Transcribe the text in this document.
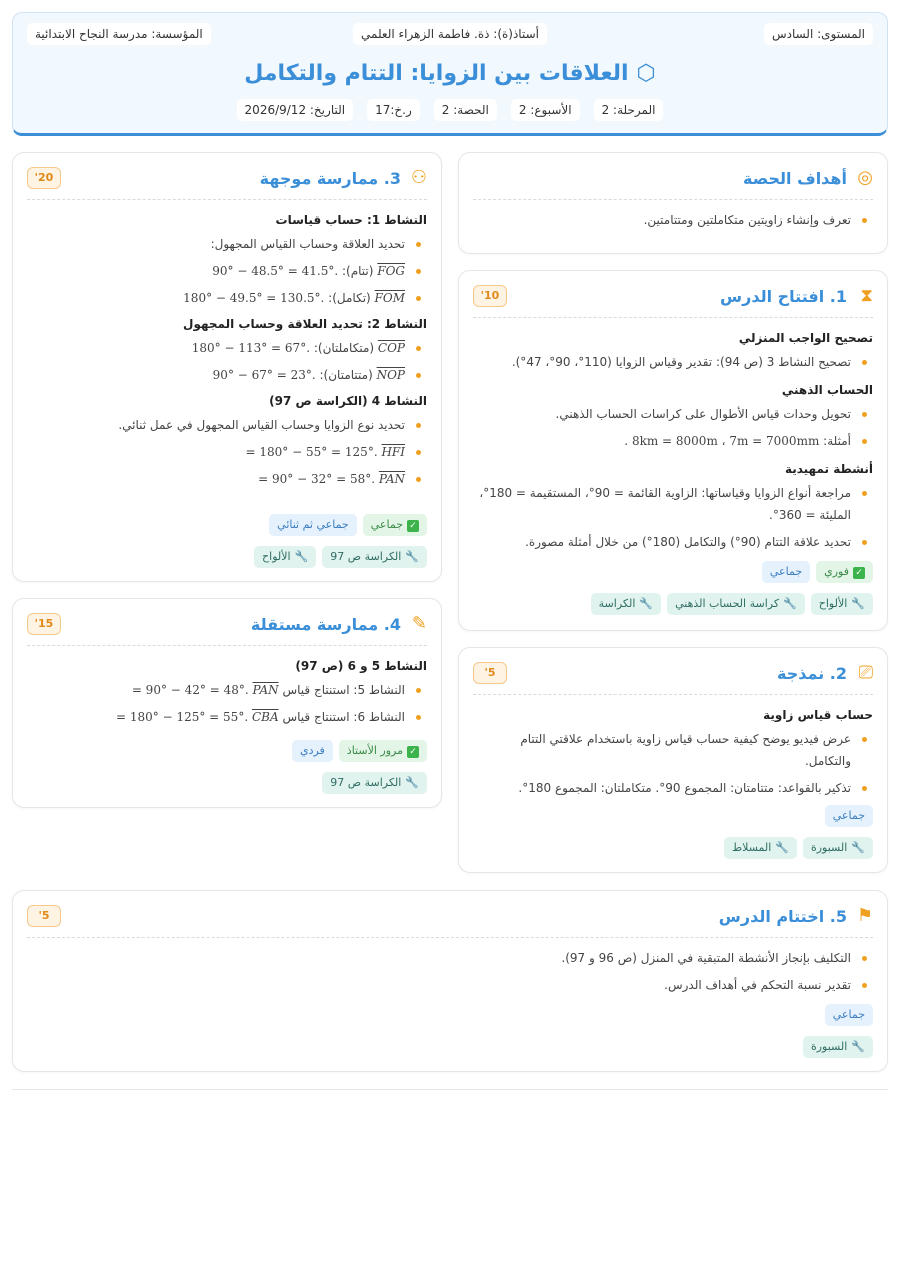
المستوى: السادس
أستاذ(ة): ذة. فاطمة الزهراء العلمي
المؤسسة: مدرسة النجاح الابتدائية
⬡العلاقات بين الزوايا: التتام والتكامل
المرحلة: 2
الأسبوع: 2
الحصة: 2
ر.خ:17
التاريخ: 2026/9/12
◎
أهداف الحصة
تعرف وإنشاء زاويتين متكاملتين ومتتامتين.
⧗
1. افتتاح الدرس
10'
تصحيح الواجب المنزلي
تصحيح النشاط 3 (ص 94): تقدير وقياس الزوايا (110°، 90°، 47°).
الحساب الذهني
تحويل وحدات قياس الأطوال على كراسات الحساب الذهني.
أمثلة: 8km = 8000m ، 7m = 7000mm .
أنشطة تمهيدية
مراجعة أنواع الزوايا وقياساتها: الزاوية القائمة = 90°، المستقيمة = 180°، المليئة = 360°.
تحديد علاقة التتام (90°) والتكامل (180°) من خلال أمثلة مصورة.
جماعي	✓فوري
🔧الكراسة	🔧كراسة الحساب الذهني	🔧الألواح
⎚
2. نمذجة
5'
حساب قياس زاوية
عرض فيديو يوضح كيفية حساب قياس زاوية باستخدام علاقتي التتام والتكامل.
تذكير بالقواعد: متتامتان: المجموع 90°. متكاملتان: المجموع 180°.
جماعي
🔧المسلاط	🔧السبورة
⚇
3. ممارسة موجهة
20'
النشاط 1: حساب قياسات
تحديد العلاقة وحساب القياس المجهول:
FOG (تتام): 90° − 48.5° = 41.5°.
FOM (تكامل): 180° − 49.5° = 130.5°.
النشاط 2: تحديد العلاقة وحساب المجهول
COP (متكاملتان): 180° − 113° = 67°.
NOP (متتامتان): 90° − 67° = 23°.
النشاط 4 (الكراسة ص 97)
تحديد نوع الزوايا وحساب القياس المجهول في عمل ثنائي.
HFI = 180° − 55° = 125°.
PAN = 90° − 32° = 58°.
جماعي ثم ثنائي	✓جماعي
🔧الألواح	🔧الكراسة ص 97
✎
4. ممارسة مستقلة
15'
النشاط 5 و 6 (ص 97)
النشاط 5: استنتاج قياس PAN = 90° − 42° = 48°.
النشاط 6: استنتاج قياس CBA = 180° − 125° = 55°.
فردي	✓مرور الأستاذ
🔧الكراسة ص 97
⚑
5. اختتام الدرس
5'
التكليف بإنجاز الأنشطة المتبقية في المنزل (ص 96 و 97).
تقدير نسبة التحكم في أهداف الدرس.
جماعي
🔧السبورة
